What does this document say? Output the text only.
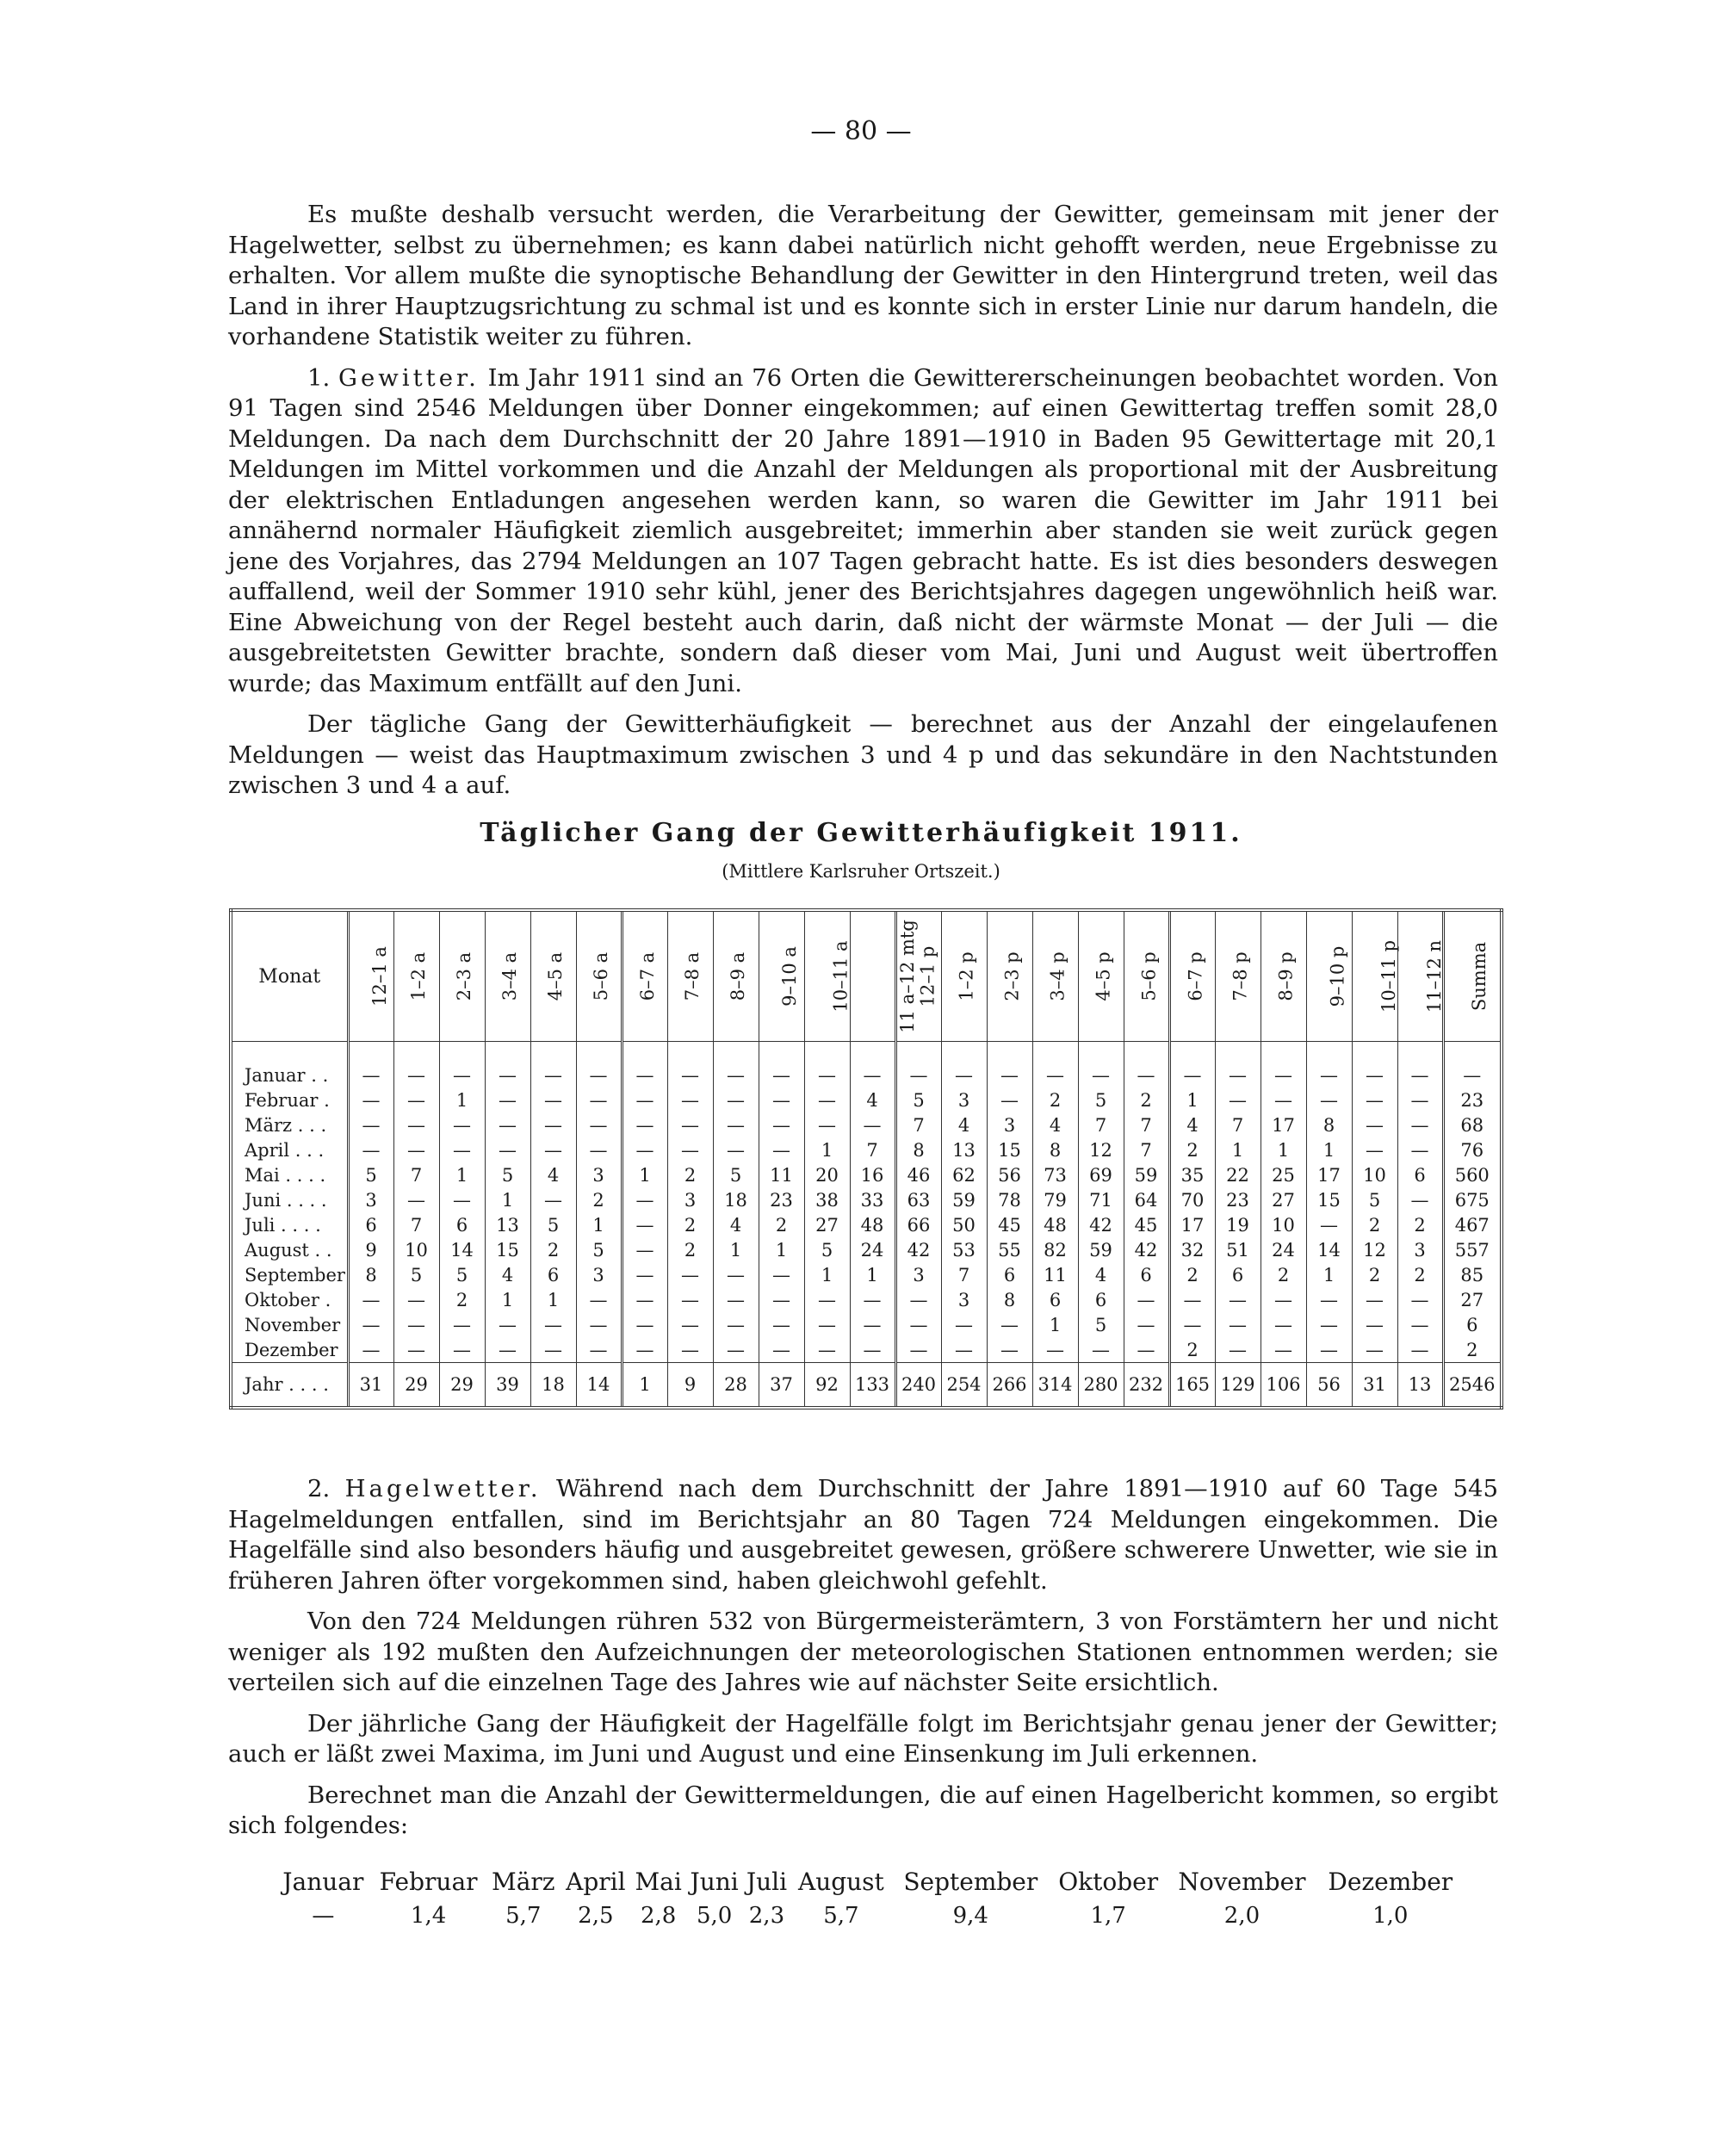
— 80 —

Es mußte deshalb versucht werden, die Verarbeitung der Gewitter, gemeinsam mit jener der Hagelwetter, selbst zu übernehmen; es kann dabei natürlich nicht gehofft werden, neue Ergebnisse zu erhalten. Vor allem mußte die synoptische Behandlung der Gewitter in den Hintergrund treten, weil das Land in ihrer Hauptzugsrichtung zu schmal ist und es konnte sich in erster Linie nur darum handeln, die vorhandene Statistik weiter zu führen.

1. Gewitter. Im Jahr 1911 sind an 76 Orten die Gewittererscheinungen beobachtet worden. Von 91 Tagen sind 2546 Meldungen über Donner eingekommen; auf einen Gewittertag treffen somit 28,0 Meldungen. Da nach dem Durchschnitt der 20 Jahre 1891—1910 in Baden 95 Gewittertage mit 20,1 Meldungen im Mittel vorkommen und die Anzahl der Meldungen als proportional mit der Ausbreitung der elektrischen Entladungen angesehen werden kann, so waren die Gewitter im Jahr 1911 bei annähernd normaler Häufigkeit ziemlich ausgebreitet; immerhin aber standen sie weit zurück gegen jene des Vorjahres, das 2794 Meldungen an 107 Tagen gebracht hatte. Es ist dies besonders deswegen auffallend, weil der Sommer 1910 sehr kühl, jener des Berichtsjahres dagegen ungewöhnlich heiß war. Eine Abweichung von der Regel besteht auch darin, daß nicht der wärmste Monat — der Juli — die ausgebreitetsten Gewitter brachte, sondern daß dieser vom Mai, Juni und August weit übertroffen wurde; das Maximum entfällt auf den Juni.

Der tägliche Gang der Gewitterhäufigkeit — berechnet aus der Anzahl der eingelaufenen Meldungen — weist das Hauptmaximum zwischen 3 und 4 p und das sekundäre in den Nachtstunden zwischen 3 und 4 a auf.

Täglicher Gang der Gewitterhäufigkeit 1911.
(Mittlere Karlsruher Ortszeit.)
Monat	12–1 a	1–2 a	2–3 a	3–4 a	4–5 a	5–6 a	6–7 a	7–8 a	8–9 a	9–10 a	10–11 a	11 a–12 mtg	12–1 p	1–2 p	2–3 p	3–4 p	4–5 p	5–6 p	6–7 p	7–8 p	8–9 p	9–10 p	10–11 p	11–12 n	Summa
Januar . .	—	—	—	—	—	—	—	—	—	—	—	—	—	—	—	—	—	—	—	—	—	—	—	—	—
Februar .	—	—	1	—	—	—	—	—	—	—	—	4	5	3	—	2	5	2	1	—	—	—	—	—	23
März . . .	—	—	—	—	—	—	—	—	—	—	—	—	7	4	3	4	7	7	4	7	17	8	—	—	68
April . . .	—	—	—	—	—	—	—	—	—	—	1	7	8	13	15	8	12	7	2	1	1	1	—	—	76
Mai . . . .	5	7	1	5	4	3	1	2	5	11	20	16	46	62	56	73	69	59	35	22	25	17	10	6	560
Juni . . . .	3	—	—	1	—	2	—	3	18	23	38	33	63	59	78	79	71	64	70	23	27	15	5	—	675
Juli . . . .	6	7	6	13	5	1	—	2	4	2	27	48	66	50	45	48	42	45	17	19	10	—	2	2	467
August . .	9	10	14	15	2	5	—	2	1	1	5	24	42	53	55	82	59	42	32	51	24	14	12	3	557
September	8	5	5	4	6	3	—	—	—	—	1	1	3	7	6	11	4	6	2	6	2	1	2	2	85
Oktober .	—	—	2	1	1	—	—	—	—	—	—	—	—	3	8	6	6	—	—	—	—	—	—	—	27
November	—	—	—	—	—	—	—	—	—	—	—	—	—	—	—	1	5	—	—	—	—	—	—	—	6
Dezember	—	—	—	—	—	—	—	—	—	—	—	—	—	—	—	—	—	—	2	—	—	—	—	—	2
Jahr . . . .	31	29	29	39	18	14	1	9	28	37	92	133	240	254	266	314	280	232	165	129	106	56	31	13	2546

2. Hagelwetter. Während nach dem Durchschnitt der Jahre 1891—1910 auf 60 Tage 545 Hagelmeldungen entfallen, sind im Berichtsjahr an 80 Tagen 724 Meldungen eingekommen. Die Hagelfälle sind also besonders häufig und ausgebreitet gewesen, größere schwerere Unwetter, wie sie in früheren Jahren öfter vorgekommen sind, haben gleichwohl gefehlt.

Von den 724 Meldungen rühren 532 von Bürgermeisterämtern, 3 von Forstämtern her und nicht weniger als 192 mußten den Aufzeichnungen der meteorologischen Stationen entnommen werden; sie verteilen sich auf die einzelnen Tage des Jahres wie auf nächster Seite ersichtlich.

Der jährliche Gang der Häufigkeit der Hagelfälle folgt im Berichtsjahr genau jener der Gewitter; auch er läßt zwei Maxima, im Juni und August und eine Einsenkung im Juli erkennen.

Berechnet man die Anzahl der Gewittermeldungen, die auf einen Hagelbericht kommen, so ergibt sich folgendes:

Januar	Februar	März	April	Mai	Juni	Juli	August	September	Oktober	November	Dezember
—	1,4	5,7	2,5	2,8	5,0	2,3	5,7	9,4	1,7	2,0	1,0
